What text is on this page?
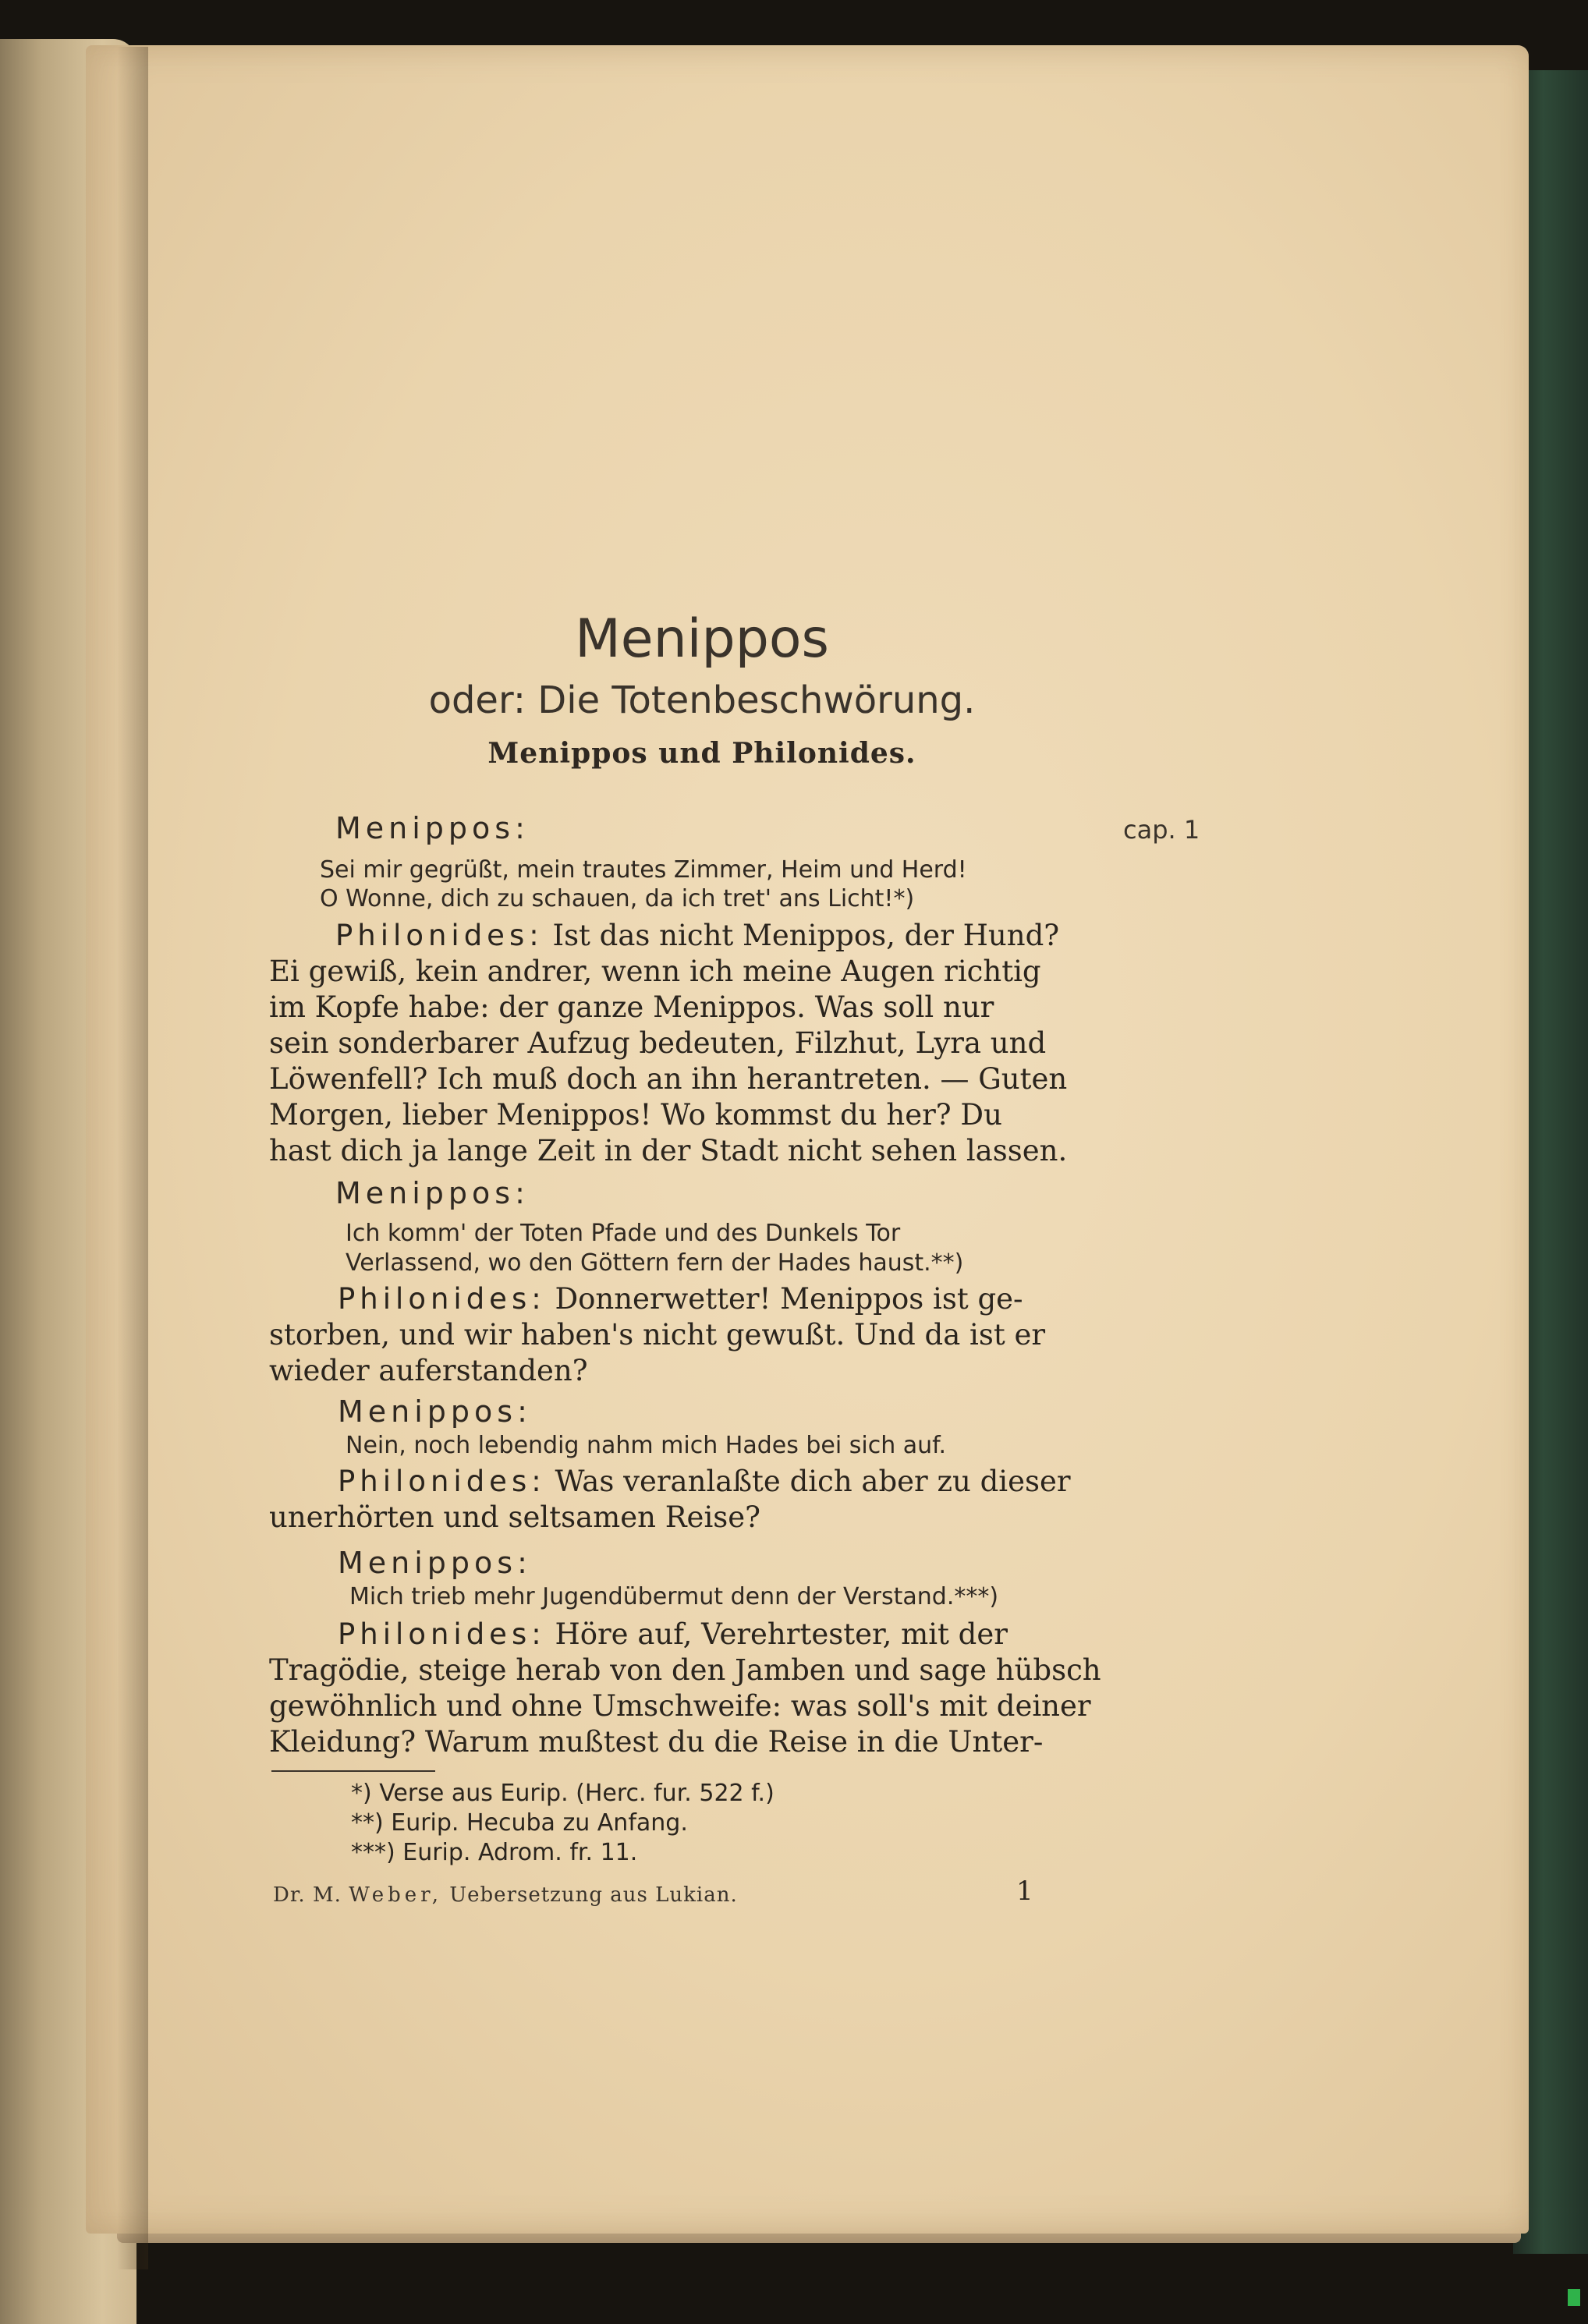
Menippos
oder: Die Totenbeschwörung.
Menippos und Philonides.
cap. 1
Menippos:
Sei mir gegrüßt, mein trautes Zimmer, Heim und Herd!
O Wonne, dich zu schauen, da ich tret' ans Licht!*)
Philonides: Ist das nicht Menippos, der Hund?
Ei gewiß, kein andrer, wenn ich meine Augen richtig
im Kopfe habe: der ganze Menippos. Was soll nur
sein sonderbarer Aufzug bedeuten, Filzhut, Lyra und
Löwenfell? Ich muß doch an ihn herantreten. — Guten
Morgen, lieber Menippos! Wo kommst du her? Du
hast dich ja lange Zeit in der Stadt nicht sehen lassen.
Menippos:
Ich komm' der Toten Pfade und des Dunkels Tor
Verlassend, wo den Göttern fern der Hades haust.**)
Philonides: Donnerwetter! Menippos ist ge-
storben, und wir haben's nicht gewußt. Und da ist er
wieder auferstanden?
Menippos:
Nein, noch lebendig nahm mich Hades bei sich auf.
Philonides: Was veranlaßte dich aber zu dieser
unerhörten und seltsamen Reise?
Menippos:
Mich trieb mehr Jugendübermut denn der Verstand.***)
Philonides: Höre auf, Verehrtester, mit der
Tragödie, steige herab von den Jamben und sage hübsch
gewöhnlich und ohne Umschweife: was soll's mit deiner
Kleidung? Warum mußtest du die Reise in die Unter-
*) Verse aus Eurip. (Herc. fur. 522 f.)
**) Eurip. Hecuba zu Anfang.
***) Eurip. Adrom. fr. 11.
Dr. M. Weber, Uebersetzung aus Lukian.	1
